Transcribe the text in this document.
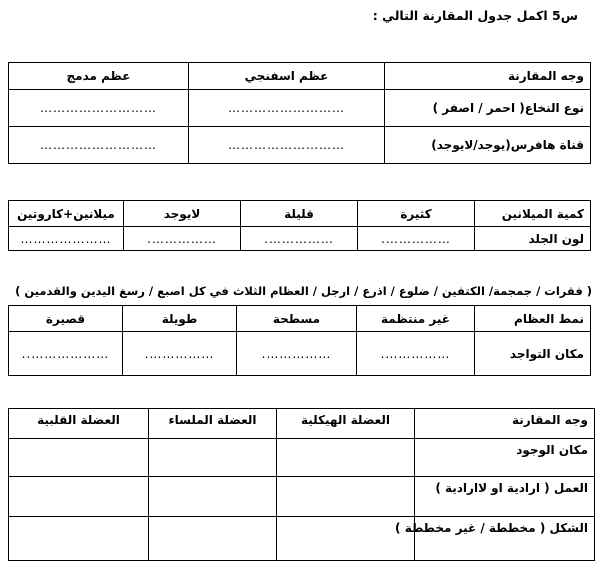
س5 اكمل جدول المقارنة التالي :
وجه المقارنة	عظم اسفنجي	عظم مدمج
نوع النخاع( احمر / اصفر )	………………………	………………………
قناة هافرس(يوجد/لايوجد)	………………………	………………………
كمية الميلانين	كثيرة	قليلة	لايوجد	ميلانين+كاروتين
لون الجلد	…………….	…………….	…………….	…………………
( فقرات / جمجمة/ الكتفين / ضلوع / اذرع / ارجل / العظام الثلاث في كل اصبع / رسغ اليدين والقدمين )
نمط العظام	غير منتظمة	مسطحة	طويلة	قصيرة
مكان التواجد	…………….	…………….	…………….	………………..
وجه المقارنة	العضلة الهيكلية	العضلة الملساء	العضلة القلبية
مكان الوجود			
العمل ( ارادية او لاارادية )			
الشكل ( مخططة / غير مخططة )			
